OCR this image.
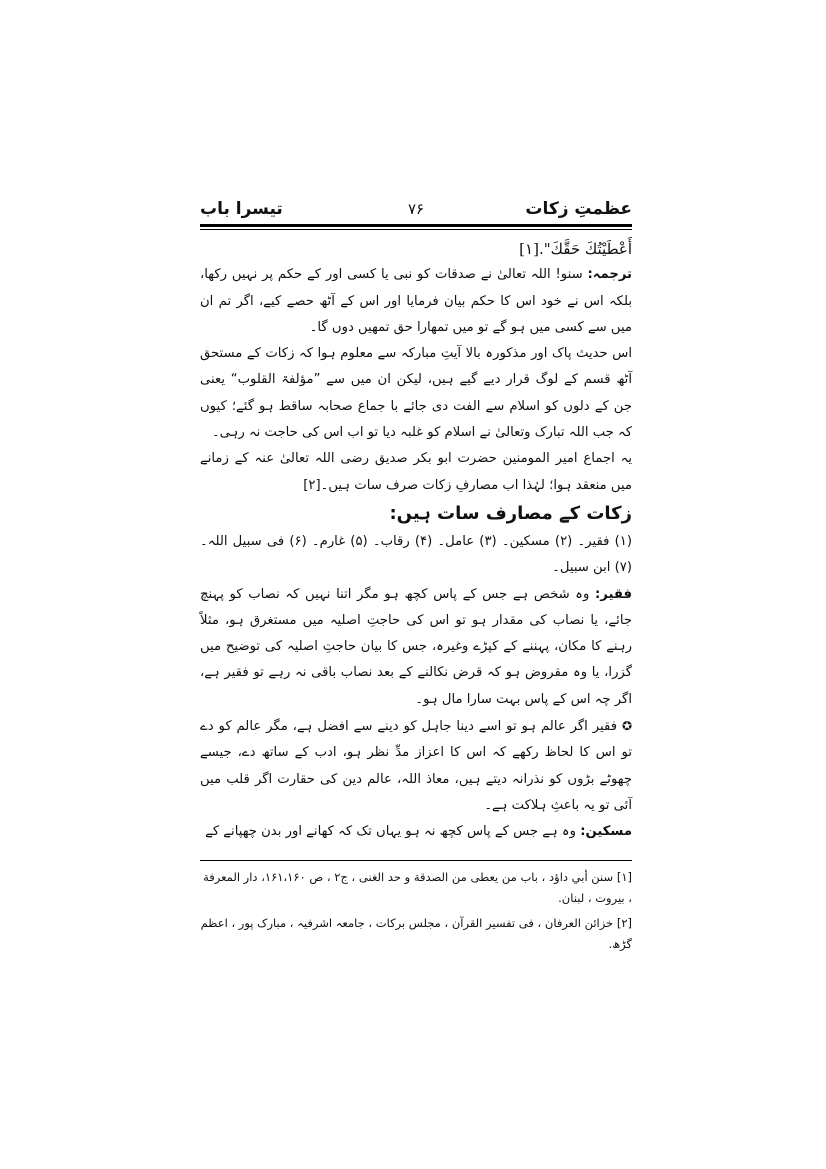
عظمتِ زکات
۷۶
تیسرا باب

أَعْطَيْتُكَ حَقَّكَ".[۱]

ترجمہ: سنو! اللہ تعالیٰ نے صدقات کو نبی یا کسی اور کے حکم پر نہیں رکھا، بلکہ اس نے خود اس کا حکم بیان فرمایا اور اس کے آٹھ حصے کیے، اگر تم ان میں سے کسی میں ہو گے تو میں تمھارا حق تمھیں دوں گا۔

اس حدیث پاک اور مذکورہ بالا آیتِ مبارکہ سے معلوم ہوا کہ زکات کے مستحق آٹھ قسم کے لوگ قرار دیے گیے ہیں، لیکن ان میں سے ”مؤلفۃ القلوب“ یعنی جن کے دلوں کو اسلام سے الفت دی جائے با جماع صحابہ ساقط ہو گئے؛ کیوں کہ جب اللہ تبارک وتعالیٰ نے اسلام کو غلبہ دیا تو اب اس کی حاجت نہ رہی۔

یہ اجماع امیر المومنین حضرت ابو بکر صدیق رضی اللہ تعالیٰ عنہ کے زمانے میں منعقد ہوا؛ لہٰذا اب مصارفِ زکات صرف سات ہیں۔[۲]

زکات کے مصارف سات ہیں:

(۱) فقیر۔ (۲) مسکین۔ (۳) عامل۔ (۴) رقاب۔ (۵) غارم۔ (۶) فی سبیل اللہ۔ (۷) ابن سبیل۔

فقیر: وہ شخص ہے جس کے پاس کچھ ہو مگر اتنا نہیں کہ نصاب کو پہنچ جائے، یا نصاب کی مقدار ہو تو اس کی حاجتِ اصلیہ میں مستغرق ہو، مثلاً رہنے کا مکان، پہننے کے کپڑے وغیرہ، جس کا بیان حاجتِ اصلیہ کی توضیح میں گزرا، یا وہ مقروض ہو کہ قرض نکالنے کے بعد نصاب باقی نہ رہے تو فقیر ہے، اگر چہ اس کے پاس بہت سارا مال ہو۔

✪ فقیر اگر عالم ہو تو اسے دینا جاہل کو دینے سے افضل ہے، مگر عالم کو دے تو اس کا لحاظ رکھے کہ اس کا اعزاز مدِّ نظر ہو، ادب کے ساتھ دے، جیسے چھوٹے بڑوں کو نذرانہ دیتے ہیں، معاذ اللہ، عالم دین کی حقارت اگر قلب میں آئی تو یہ باعثِ ہلاکت ہے۔

مسکین: وہ ہے جس کے پاس کچھ نہ ہو یہاں تک کہ کھانے اور بدن چھپانے کے

[۱] سنن أبي داؤد ، باب من يعطى من الصدقة و حد الغنى ، ج۲ ، ص ۱۶۱،۱۶۰، دار المعرفة ، بيروت ، لبنان.

[۲] خزائن العرفان ، فی تفسیر القرآن ، مجلس برکات ، جامعہ اشرفیہ ، مبارک پور ، اعظم گڑھ.
